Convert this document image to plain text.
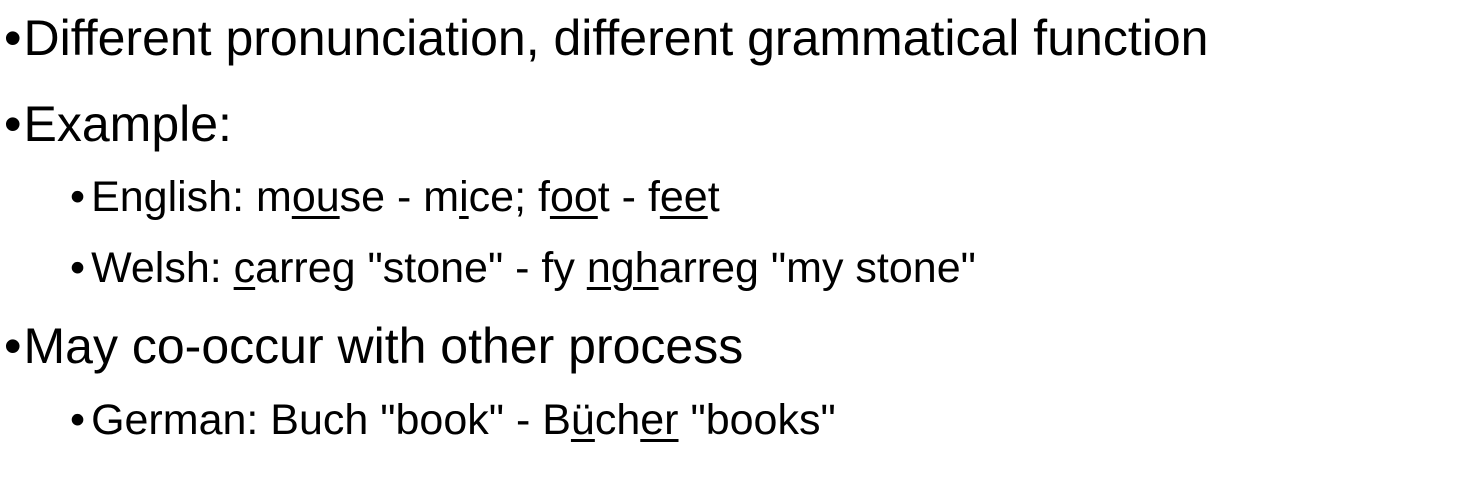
•Different pronunciation, different grammatical function
•Example:
• English: mouse - mice; foot - feet
• Welsh: carreg "stone" - fy ngharreg "my stone"
•May co-occur with other process
• German: Buch "book" - Bücher "books"
